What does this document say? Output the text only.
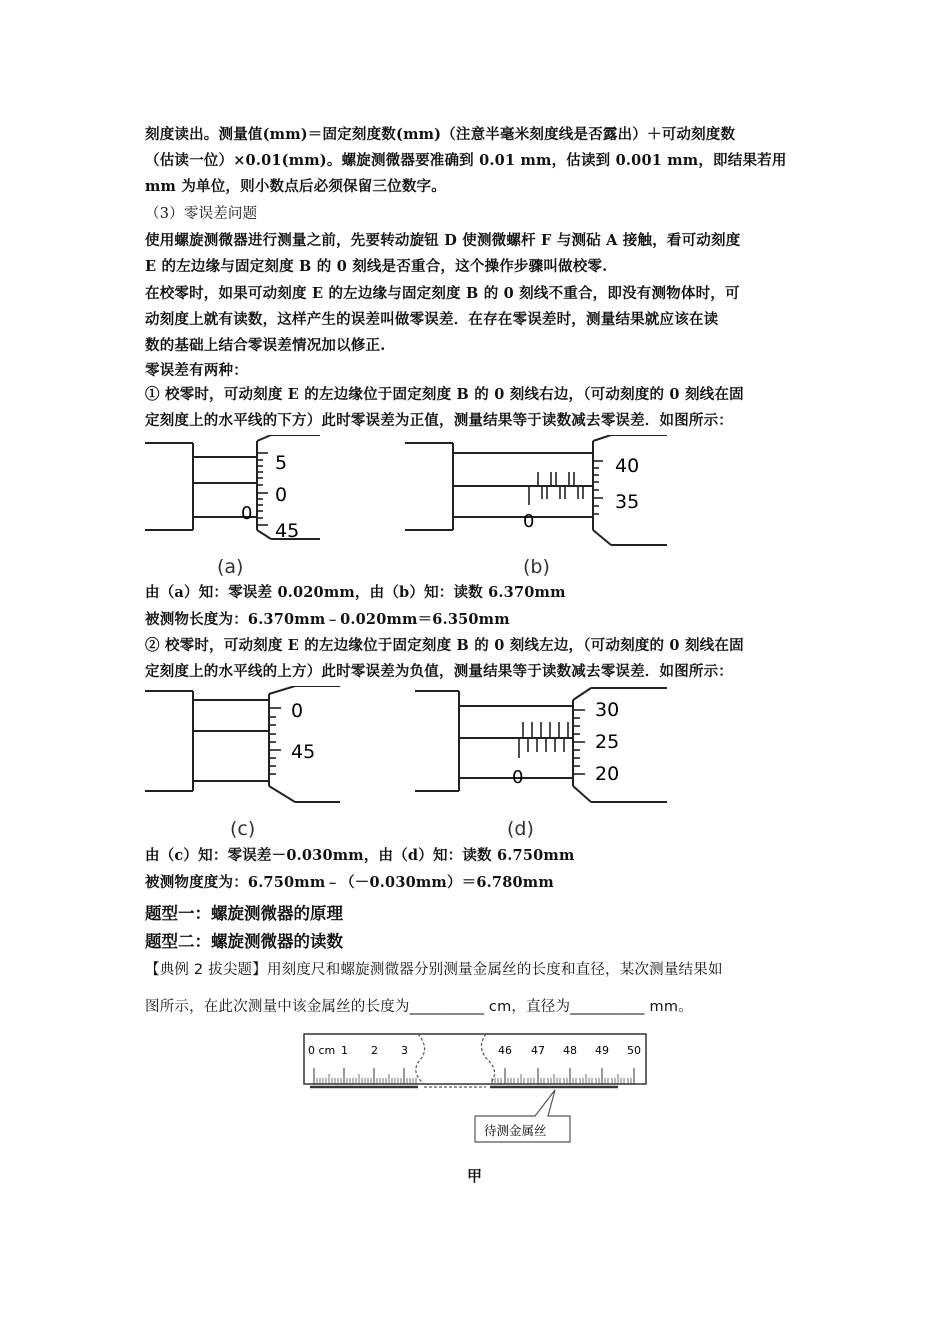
刻度读出。测量值(mm)＝固定刻度数(mm)（注意半毫米刻度线是否露出）＋可动刻度数
（估读一位）×0.01(mm)。螺旋测微器要准确到 0.01 mm，估读到 0.001 mm，即结果若用
mm 为单位，则小数点后必须保留三位数字。
（3）零误差问题
使用螺旋测微器进行测量之前，先要转动旋钮 D 使测微螺杆 F 与测砧 A 接触，看可动刻度
E 的左边缘与固定刻度 B 的 0 刻线是否重合，这个操作步骤叫做校零.
在校零时，如果可动刻度 E 的左边缘与固定刻度 B 的 0 刻线不重合，即没有测物体时，可
动刻度上就有读数，这样产生的误差叫做零误差．在存在零误差时，测量结果就应该在读
数的基础上结合零误差情况加以修正.
零误差有两种：
① 校零时，可动刻度 E 的左边缘位于固定刻度 B 的 0 刻线右边，（可动刻度的 0 刻线在固
定刻度上的水平线的下方）此时零误差为正值，测量结果等于读数减去零误差．如图所示：
5
0
45
0
(a)
40
35
0
(b)
由（a）知：零误差 0.020mm，由（b）知：读数 6.370mm
被测物长度为：6.370mm﹣0.020mm＝6.350mm
② 校零时，可动刻度 E 的左边缘位于固定刻度 B 的 0 刻线左边，（可动刻度的 0 刻线在固
定刻度上的水平线的上方）此时零误差为负值，测量结果等于读数减去零误差．如图所示：
0
45
(c)
30
25
20
0
(d)
由（c）知：零误差－0.030mm，由（d）知：读数 6.750mm
被测物度度为：6.750mm﹣（－0.030mm）＝6.780mm
题型一：螺旋测微器的原理
题型二：螺旋测微器的读数
【典例 2 拔尖题】用刻度尺和螺旋测微器分别测量金属丝的长度和直径，某次测量结果如
图所示，在此次测量中该金属丝的长度为__________ cm，直径为__________ mm。
0 cm 1 2 3	46 47 48 49 50
待测金属丝
甲
